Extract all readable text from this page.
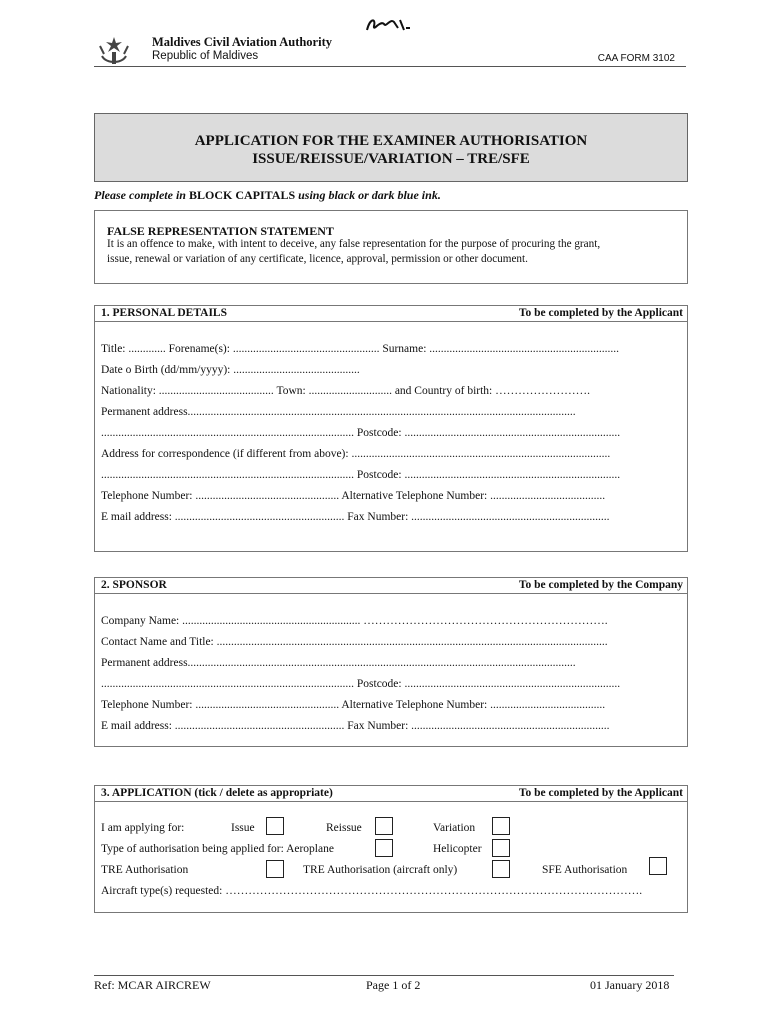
Maldives Civil Aviation Authority
Republic of Maldives	CAA FORM 3102
APPLICATION FOR THE EXAMINER AUTHORISATION
ISSUE/REISSUE/VARIATION – TRE/SFE
Please complete in BLOCK CAPITALS using black or dark blue ink.
FALSE REPRESENTATION STATEMENT
It is an offence to make, with intent to deceive, any false representation for the purpose of procuring the grant,
issue, renewal or variation of any certificate, licence, approval, permission or other document.
1. PERSONAL DETAILS	To be completed by the Applicant
Title: ............. Forename(s): ................................................... Surname: ..................................................................
Date o Birth (dd/mm/yyyy): ............................................
Nationality: ........................................ Town: ............................. and Country of birth: …………………….
Permanent address.......................................................................................................................................
........................................................................................ Postcode: ...........................................................................
Address for correspondence (if different from above): ..........................................................................................
........................................................................................ Postcode: ...........................................................................
Telephone Number: .................................................. Alternative Telephone Number: ........................................
E mail address: ........................................................... Fax Number: .....................................................................
2. SPONSOR	To be completed by the Company
Company Name: .............................................................. ……………………………………………………….
Contact Name and Title: ........................................................................................................................................
Permanent address.......................................................................................................................................
........................................................................................ Postcode: ...........................................................................
Telephone Number: .................................................. Alternative Telephone Number: ........................................
E mail address: ........................................................... Fax Number: .....................................................................
3. APPLICATION (tick / delete as appropriate)	To be completed by the Applicant
I am applying for:	Issue	Reissue	Variation
Type of authorisation being applied for: Aeroplane	Helicopter
TRE Authorisation	TRE Authorisation (aircraft only)	SFE Authorisation
Aircraft type(s) requested: ……………………………………………………………………………………………….
Ref: MCAR AIRCREW	Page 1 of 2	01 January 2018
